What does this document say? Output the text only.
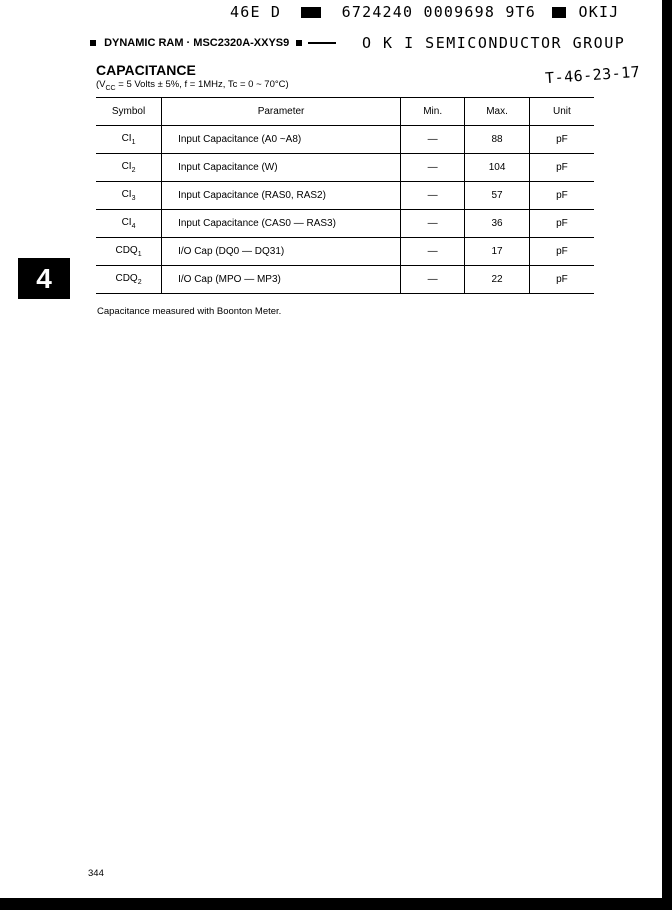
46E D	6724240 0009698 9T6	OKIJ
DYNAMIC RAM · MSC2320A-XXYS9	O K I SEMICONDUCTOR GROUP
CAPACITANCE
($V_{CC} = 5$ Volts ± 5%, f = 1MHz, Tc = 0 ~ 70°C)	T-46-23-17
Symbol	Parameter	Min.	Max.	Unit
$CI_1$	Input Capacitance (A0 ~A8)	—	88	pF
$CI_2$	Input Capacitance (W)	—	104	pF
$CI_3$	Input Capacitance (RAS0, RAS2)	—	57	pF
$CI_4$	Input Capacitance (CAS0 — RAS3)	—	36	pF
$CDQ_1$	I/O Cap (DQ0 — DQ31)	—	17	pF
$CDQ_2$	I/O Cap (MPO — MP3)	—	22	pF
4
Capacitance measured with Boonton Meter.
344
